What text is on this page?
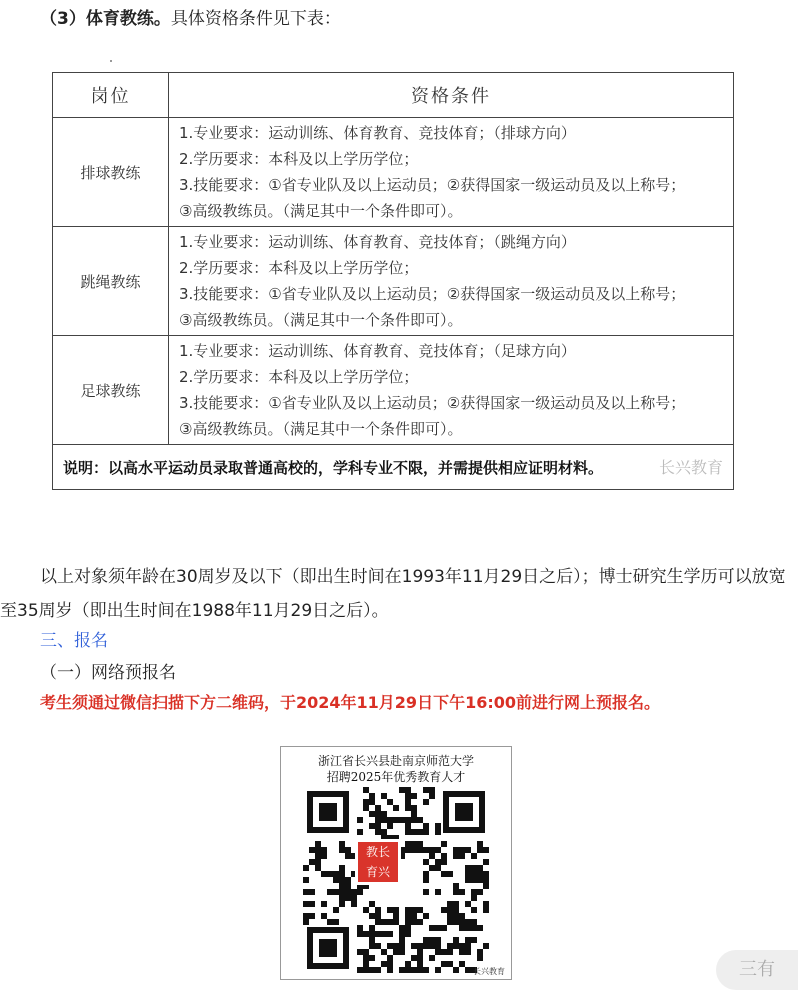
（3）体育教练。具体资格条件见下表：
岗位	资格条件
排球教练	1.专业要求：运动训练、体育教育、竞技体育；（排球方向）
2.学历要求：本科及以上学历学位；
3.技能要求：①省专业队及以上运动员；②获得国家一级运动员及以上称号；
③高级教练员。（满足其中一个条件即可）。

跳绳教练	1.专业要求：运动训练、体育教育、竞技体育；（跳绳方向）
2.学历要求：本科及以上学历学位；
3.技能要求：①省专业队及以上运动员；②获得国家一级运动员及以上称号；
③高级教练员。（满足其中一个条件即可）。

足球教练	1.专业要求：运动训练、体育教育、竞技体育；（足球方向）
2.学历要求：本科及以上学历学位；
3.技能要求：①省专业队及以上运动员；②获得国家一级运动员及以上称号；
③高级教练员。（满足其中一个条件即可）。

说明：以高水平运动员录取普通高校的，学科专业不限，并需提供相应证明材料。 长兴教育	

以上对象须年龄在30周岁及以下（即出生时间在1993年11月29日之后）；博士研究生学历可以放宽至35周岁（即出生时间在1988年11月29日之后）。

三、报名
（一）网络预报名
考生须通过微信扫描下方二维码，于2024年11月29日下午16:00前进行网上预报名。
浙江省长兴县赴南京师范大学
招聘2025年优秀教育人才
教长
育兴
长兴教育	三有
